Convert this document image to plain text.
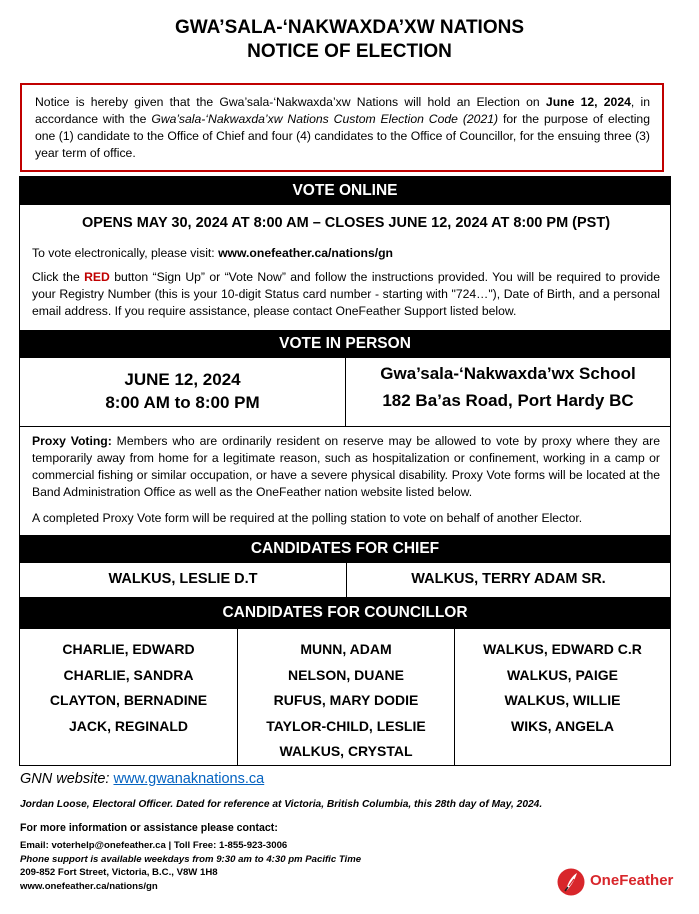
GWA’SALA-‘NAKWAXDA’XW NATIONS
NOTICE OF ELECTION
Notice is hereby given that the Gwa’sala-‘Nakwaxda’xw Nations will hold an Election on June 12, 2024, in accordance with the Gwa’sala-‘Nakwaxda’xw Nations Custom Election Code (2021) for the purpose of electing one (1) candidate to the Office of Chief and four (4) candidates to the Office of Councillor, for the ensuing three (3) year term of office.
VOTE ONLINE
OPENS MAY 30, 2024 AT 8:00 AM – CLOSES JUNE 12, 2024 AT 8:00 PM (PST)
To vote electronically, please visit: www.onefeather.ca/nations/gn
Click the RED button “Sign Up” or “Vote Now” and follow the instructions provided. You will be required to provide your Registry Number (this is your 10-digit Status card number - starting with "724…"), Date of Birth, and a personal email address. If you require assistance, please contact OneFeather Support listed below.
VOTE IN PERSON
JUNE 12, 2024
8:00 AM to 8:00 PM
Gwa’sala-‘Nakwaxda’wx School
182 Ba’as Road, Port Hardy BC
Proxy Voting: Members who are ordinarily resident on reserve may be allowed to vote by proxy where they are temporarily away from home for a legitimate reason, such as hospitalization or confinement, working in a camp or commercial fishing or similar occupation, or have a severe physical disability. Proxy Vote forms will be located at the Band Administration Office as well as the OneFeather nation website listed below.
A completed Proxy Vote form will be required at the polling station to vote on behalf of another Elector.
CANDIDATES FOR CHIEF
WALKUS, LESLIE D.T	WALKUS, TERRY ADAM SR.
CANDIDATES FOR COUNCILLOR
CHARLIE, EDWARD
CHARLIE, SANDRA
CLAYTON, BERNADINE
JACK, REGINALD
MUNN, ADAM
NELSON, DUANE
RUFUS, MARY DODIE
TAYLOR-CHILD, LESLIE
WALKUS, CRYSTAL
WALKUS, EDWARD C.R
WALKUS, PAIGE
WALKUS, WILLIE
WIKS, ANGELA
GNN website: www.gwanaknations.ca
Jordan Loose, Electoral Officer. Dated for reference at Victoria, British Columbia, this 28th day of May, 2024.
For more information or assistance please contact:
Email: voterhelp@onefeather.ca | Toll Free: 1-855-923-3006
Phone support is available weekdays from 9:30 am to 4:30 pm Pacific Time
209-852 Fort Street, Victoria, B.C., V8W 1H8
www.onefeather.ca/nations/gn	OneFeather
